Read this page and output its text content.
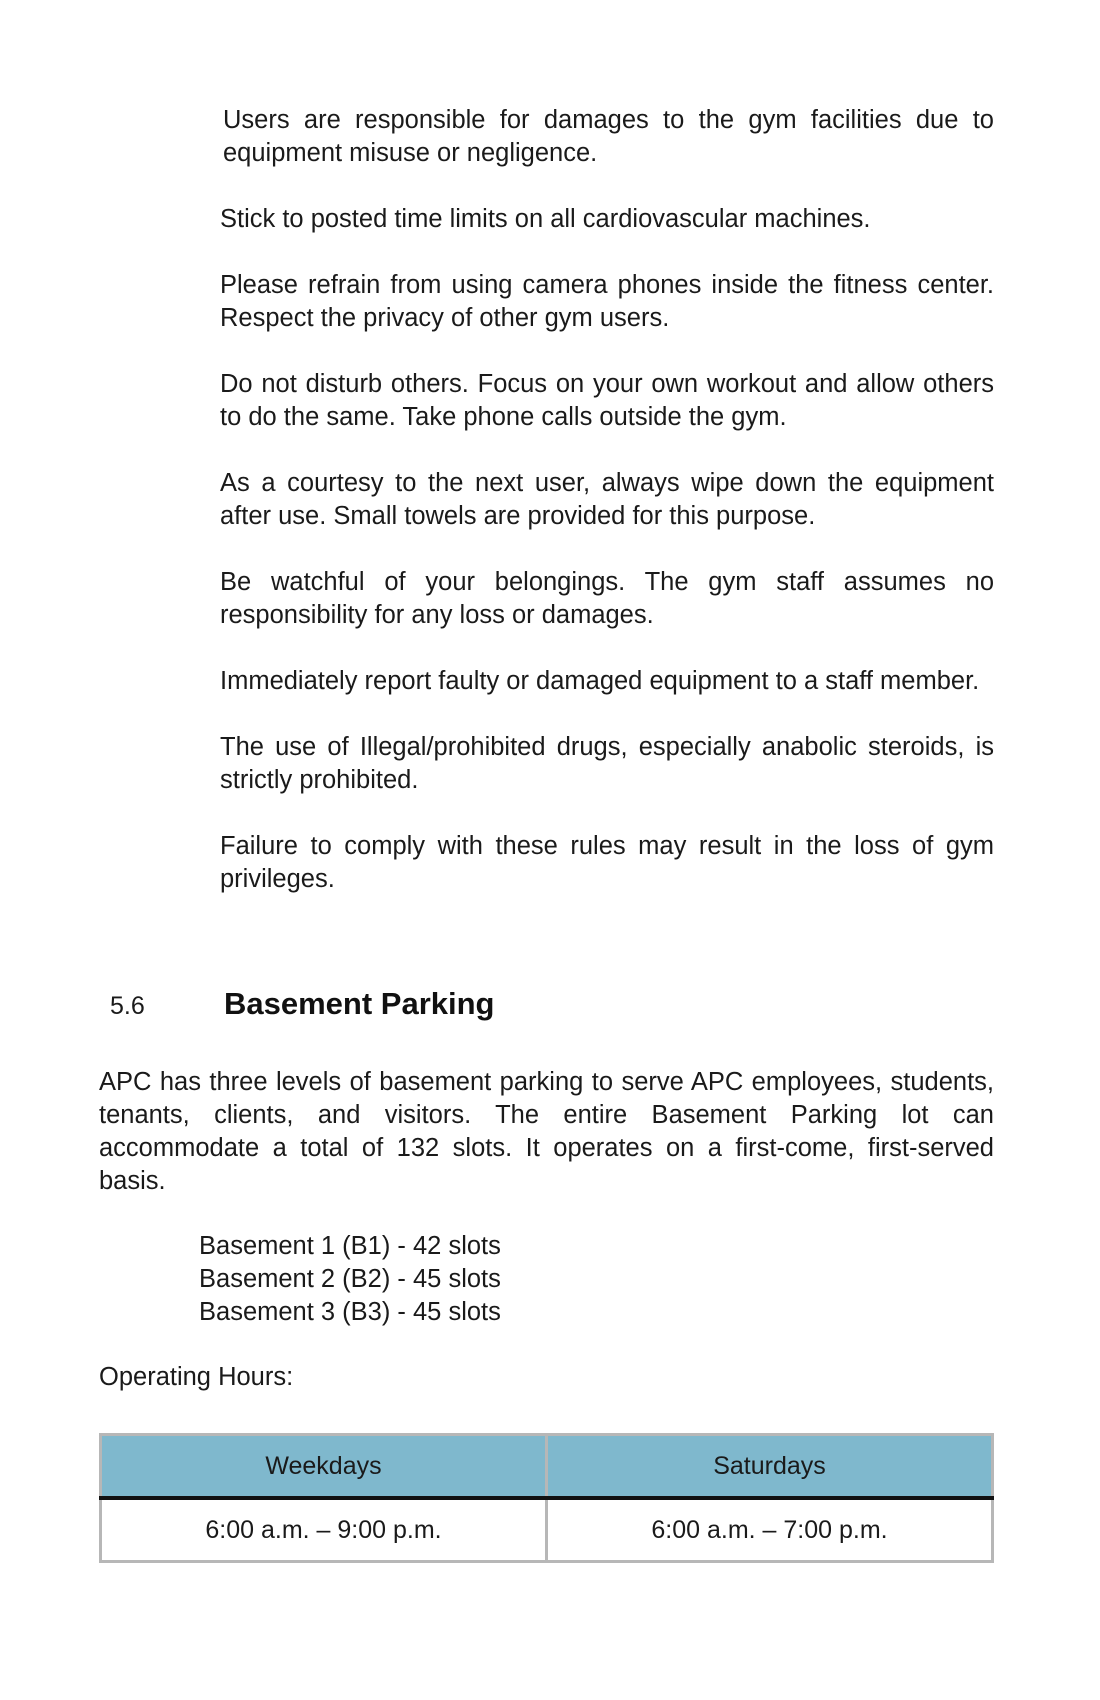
Users are responsible for damages to the gym facilities due to equipment misuse or negligence.

Stick to posted time limits on all cardiovascular machines.

Please refrain from using camera phones inside the fitness center. Respect the privacy of other gym users.

Do not disturb others. Focus on your own workout and allow others to do the same. Take phone calls outside the gym.

As a courtesy to the next user, always wipe down the equipment after use. Small towels are provided for this purpose.

Be watchful of your belongings. The gym staff assumes no responsibility for any loss or damages.

Immediately report faulty or damaged equipment to a staff member.

The use of Illegal/prohibited drugs, especially anabolic steroids, is strictly prohibited.

Failure to comply with these rules may result in the loss of gym privileges.

5.6	Basement Parking

APC has three levels of basement parking to serve APC employees, students, tenants, clients, and visitors. The entire Basement Parking lot can accommodate a total of 132 slots. It operates on a first-come, first-served basis.

Basement 1 (B1) - 42 slots
Basement 2 (B2) - 45 slots
Basement 3 (B3) - 45 slots

Operating Hours:

Weekdays	Saturdays
6:00 a.m. – 9:00 p.m.	6:00 a.m. – 7:00 p.m.
